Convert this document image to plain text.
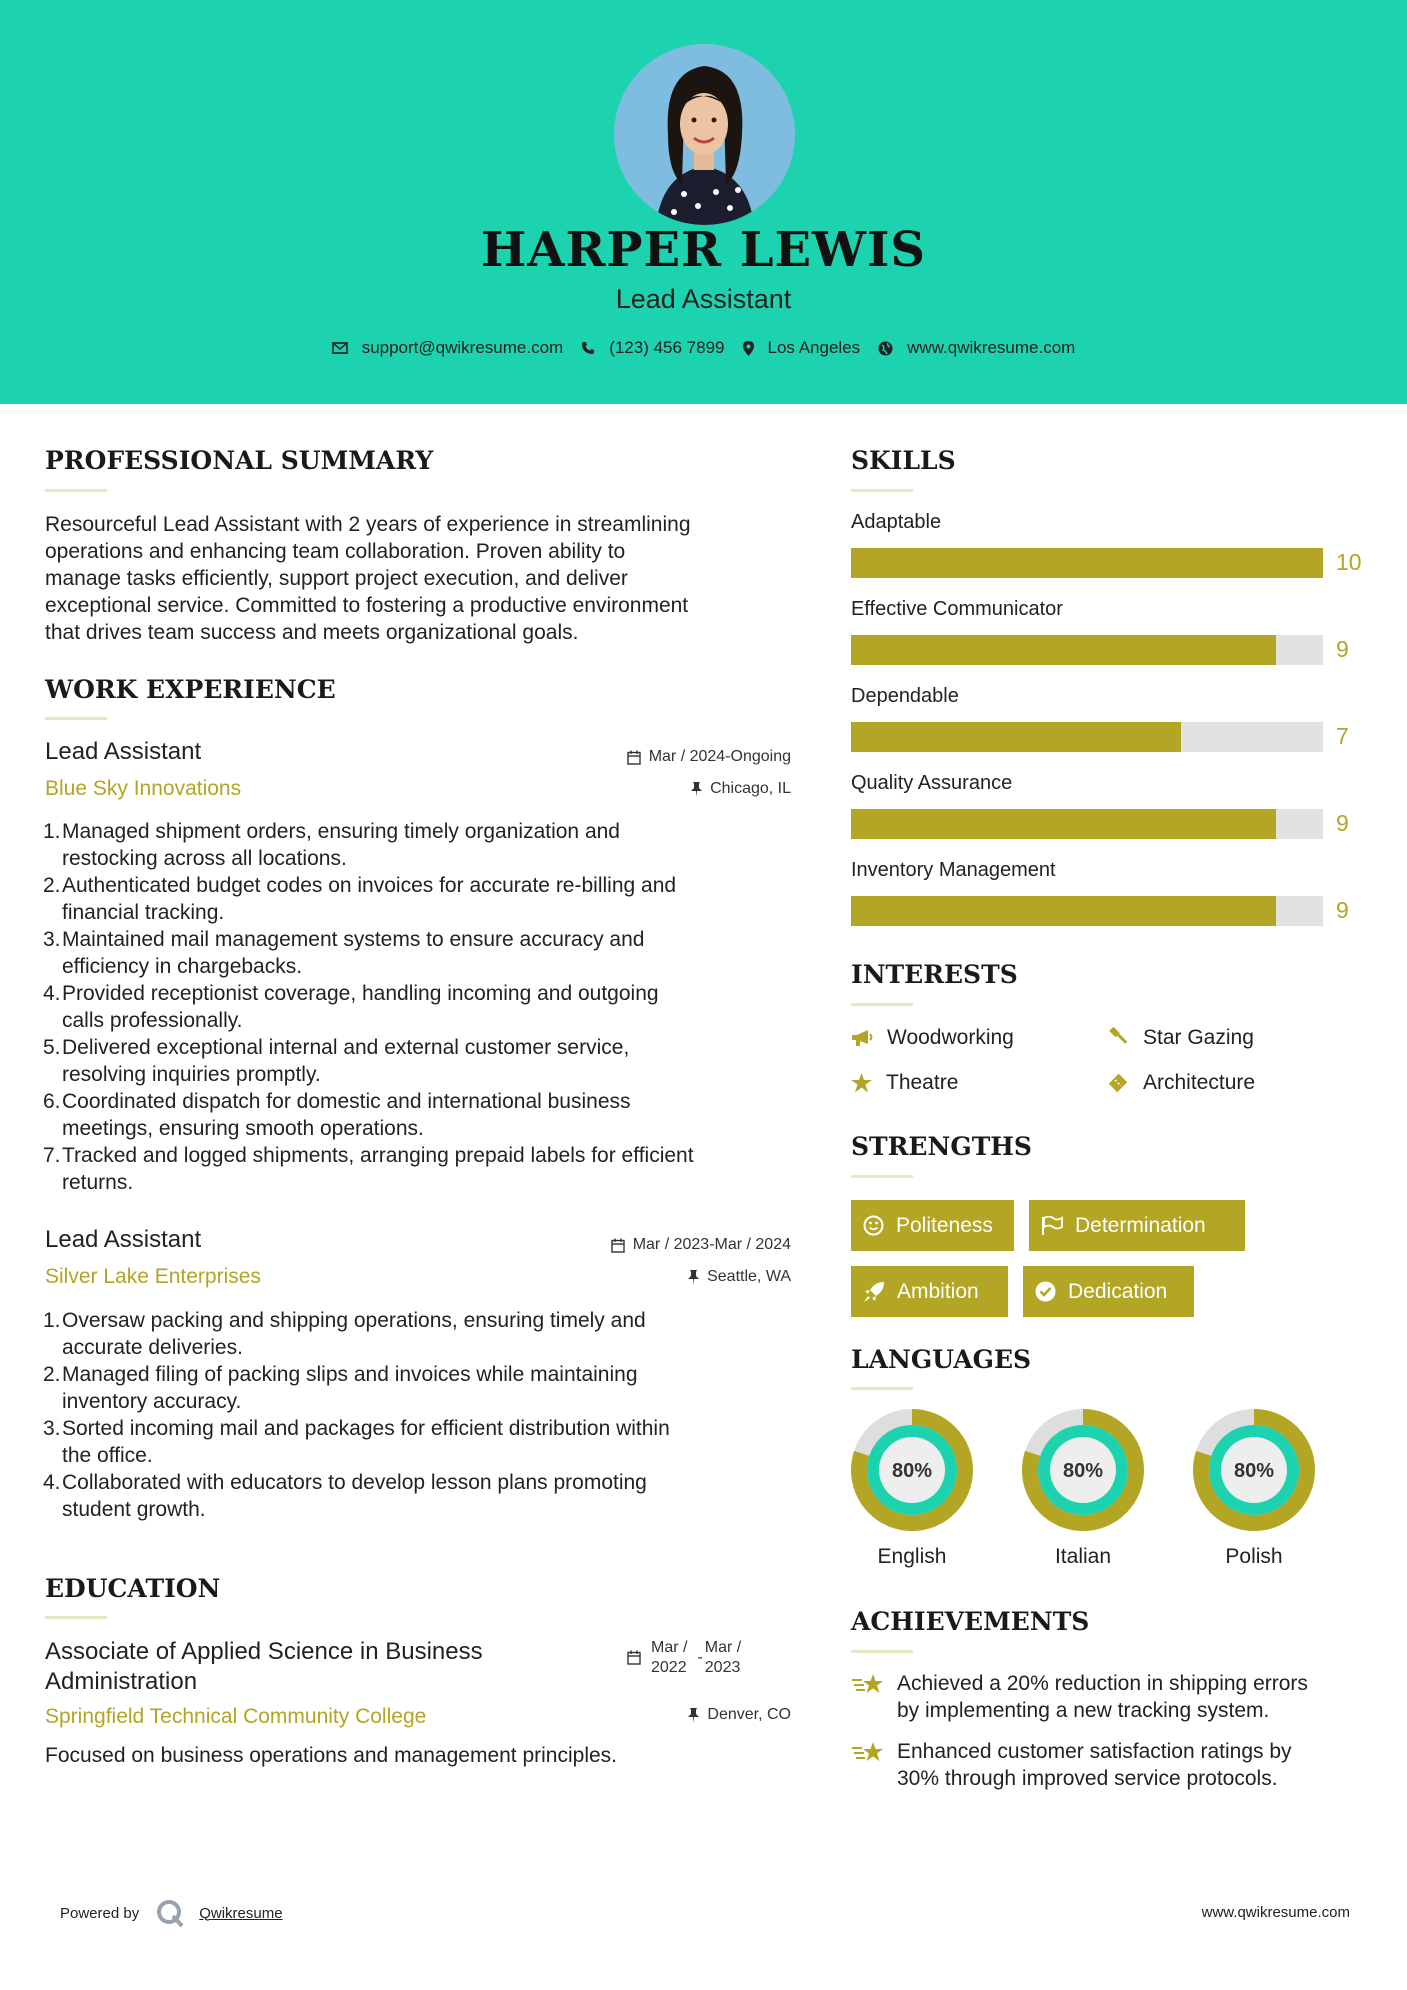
HARPER LEWIS
Lead Assistant
support@qwikresume.com	(123) 456 7899	Los Angeles	www.qwikresume.com
PROFESSIONAL SUMMARY
Resourceful Lead Assistant with 2 years of experience in streamlining
operations and enhancing team collaboration. Proven ability to
manage tasks efficiently, support project execution, and deliver
exceptional service. Committed to fostering a productive environment
that drives team success and meets organizational goals.
WORK EXPERIENCE
Lead Assistant
Blue Sky Innovations
Mar / 2024-Ongoing
Chicago, IL
1. Managed shipment orders, ensuring timely organization and
restocking across all locations.
2. Authenticated budget codes on invoices for accurate re-billing and
financial tracking.
3. Maintained mail management systems to ensure accuracy and
efficiency in chargebacks.
4. Provided receptionist coverage, handling incoming and outgoing
calls professionally.
5. Delivered exceptional internal and external customer service,
resolving inquiries promptly.
6. Coordinated dispatch for domestic and international business
meetings, ensuring smooth operations.
7. Tracked and logged shipments, arranging prepaid labels for efficient
returns.
Lead Assistant
Silver Lake Enterprises
Mar / 2023-Mar / 2024
Seattle, WA
1. Oversaw packing and shipping operations, ensuring timely and
accurate deliveries.
2. Managed filing of packing slips and invoices while maintaining
inventory accuracy.
3. Sorted incoming mail and packages for efficient distribution within
the office.
4. Collaborated with educators to develop lesson plans promoting
student growth.
EDUCATION
Associate of Applied Science in Business
Administration
Mar /
2022
-
Mar /
2023
Springfield Technical Community College	Denver, CO
Focused on business operations and management principles.
SKILLS
Adaptable
10
Effective Communicator
9
Dependable
7
Quality Assurance
9
Inventory Management
9
INTERESTS
Woodworking	Star Gazing
Theatre	Architecture
STRENGTHS
Politeness	Determination
Ambition	Dedication
LANGUAGES
80%
English
80%
Italian
80%
Polish
ACHIEVEMENTS
Achieved a 20% reduction in shipping errors
by implementing a new tracking system.
Enhanced customer satisfaction ratings by
30% through improved service protocols.
Powered by	Qwikresume	www.qwikresume.com
